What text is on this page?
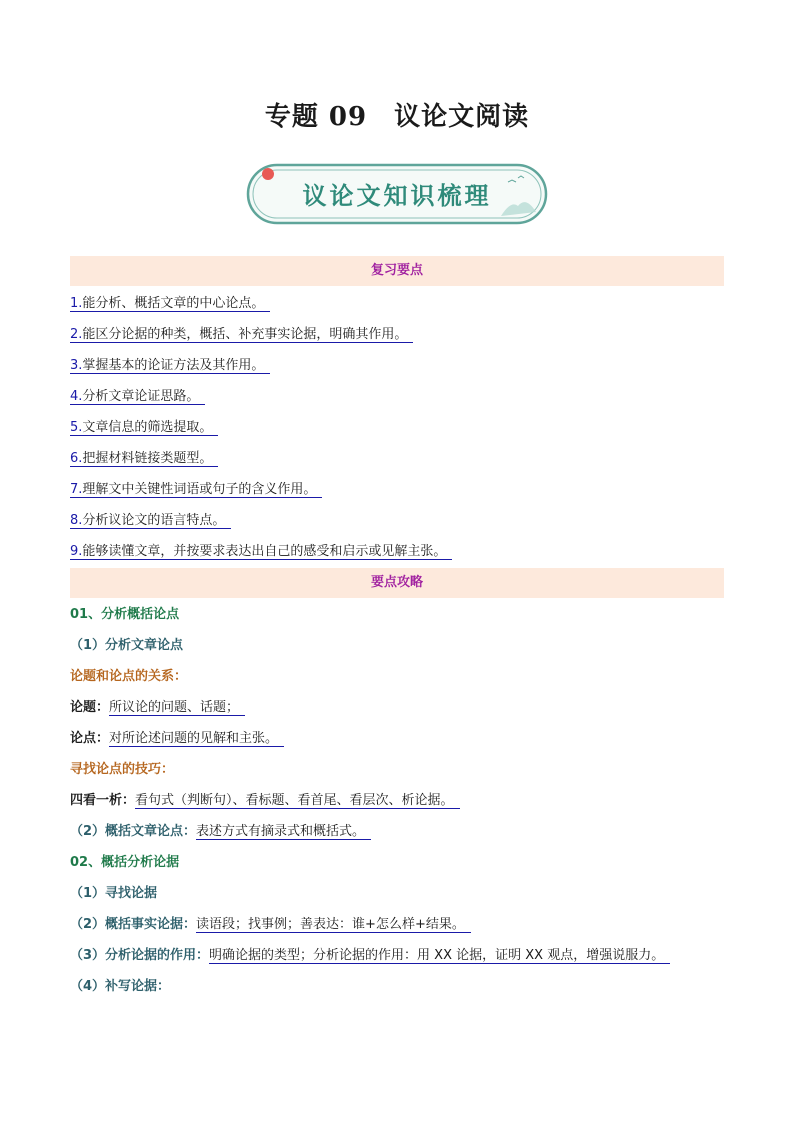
专题 09　议论文阅读
议论文知识梳理
复习要点
1.能分析、概括文章的中心论点。
2.能区分论据的种类，概括、补充事实论据，明确其作用。
3.掌握基本的论证方法及其作用。
4.分析文章论证思路。
5.文章信息的筛选提取。
6.把握材料链接类题型。
7.理解文中关键性词语或句子的含义作用。
8.分析议论文的语言特点。
9.能够读懂文章，并按要求表达出自己的感受和启示或见解主张。
要点攻略
01、分析概括论点
（1）分析文章论点
论题和论点的关系：
论题：所议论的问题、话题；
论点：对所论述问题的见解和主张。
寻找论点的技巧：
四看一析：看句式（判断句）、看标题、看首尾、看层次、析论据。
（2）概括文章论点：表述方式有摘录式和概括式。
02、概括分析论据
（1）寻找论据
（2）概括事实论据：读语段；找事例；善表达：谁+怎么样+结果。
（3）分析论据的作用：明确论据的类型；分析论据的作用：用 XX 论据，证明 XX 观点，增强说服力。
（4）补写论据：
